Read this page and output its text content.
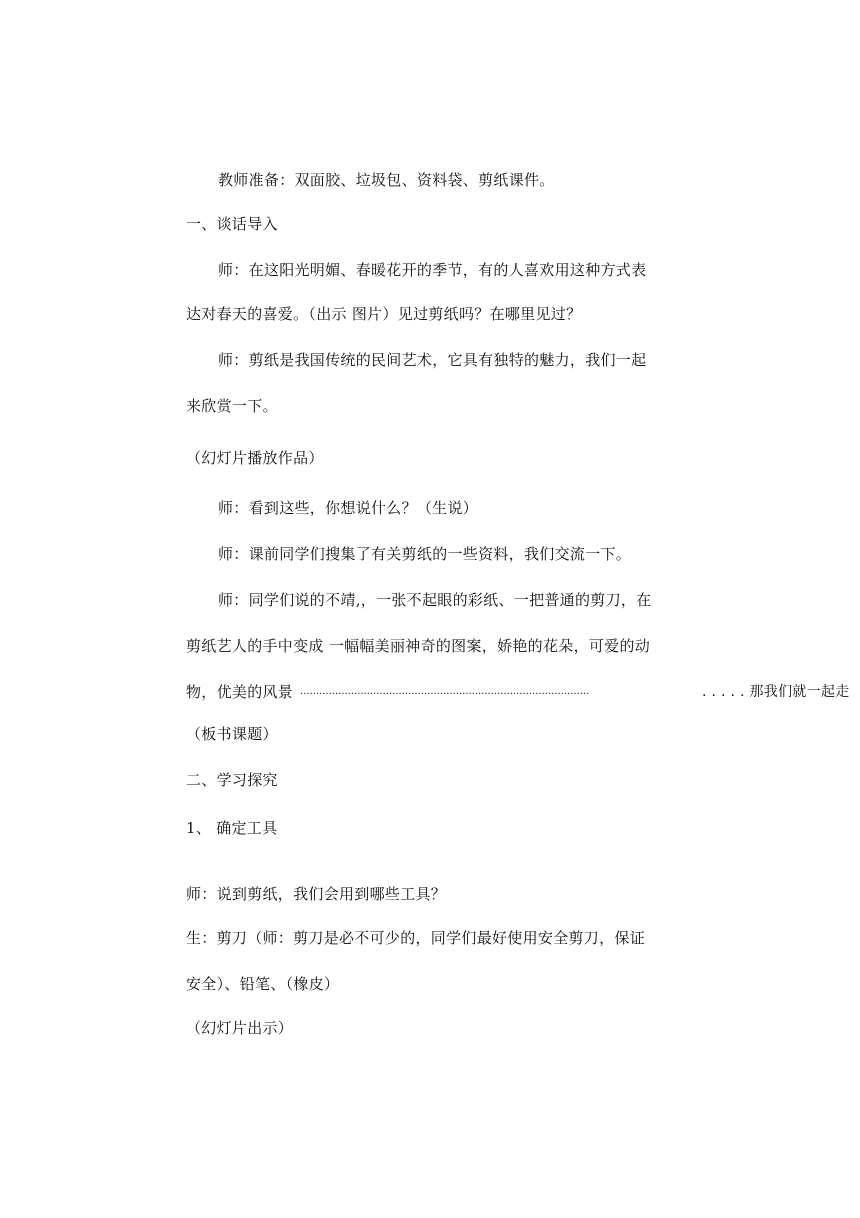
教师准备：双面胶、垃圾包、资料袋、剪纸课件。
一、谈话导入
师：在这阳光明媚、春暖花开的季节，有的人喜欢用这种方式表
达对春天的喜爱。（出示 图片）见过剪纸吗？在哪里见过？
师：剪纸是我国传统的民间艺术，它具有独特的魅力，我们一起
来欣赏一下。
（幻灯片播放作品）
师：看到这些，你想说什么？（生说）
师：课前同学们搜集了有关剪纸的一些资料，我们交流一下。
师：同学们说的不靖,，一张不起眼的彩纸、一把普通的剪刀，在
剪纸艺人的手中变成 一幅幅美丽神奇的图案，娇艳的花朵，可爱的动
物，优美的风景 ...........................................................................................	. . . . . 那我们就一起走
（板书课题）
二、学习探究
1、 确定工具
师：说到剪纸，我们会用到哪些工具？
生：剪刀（师：剪刀是必不可少的，同学们最好使用安全剪刀，保证
安全）、铅笔、（橡皮）
（幻灯片出示）
